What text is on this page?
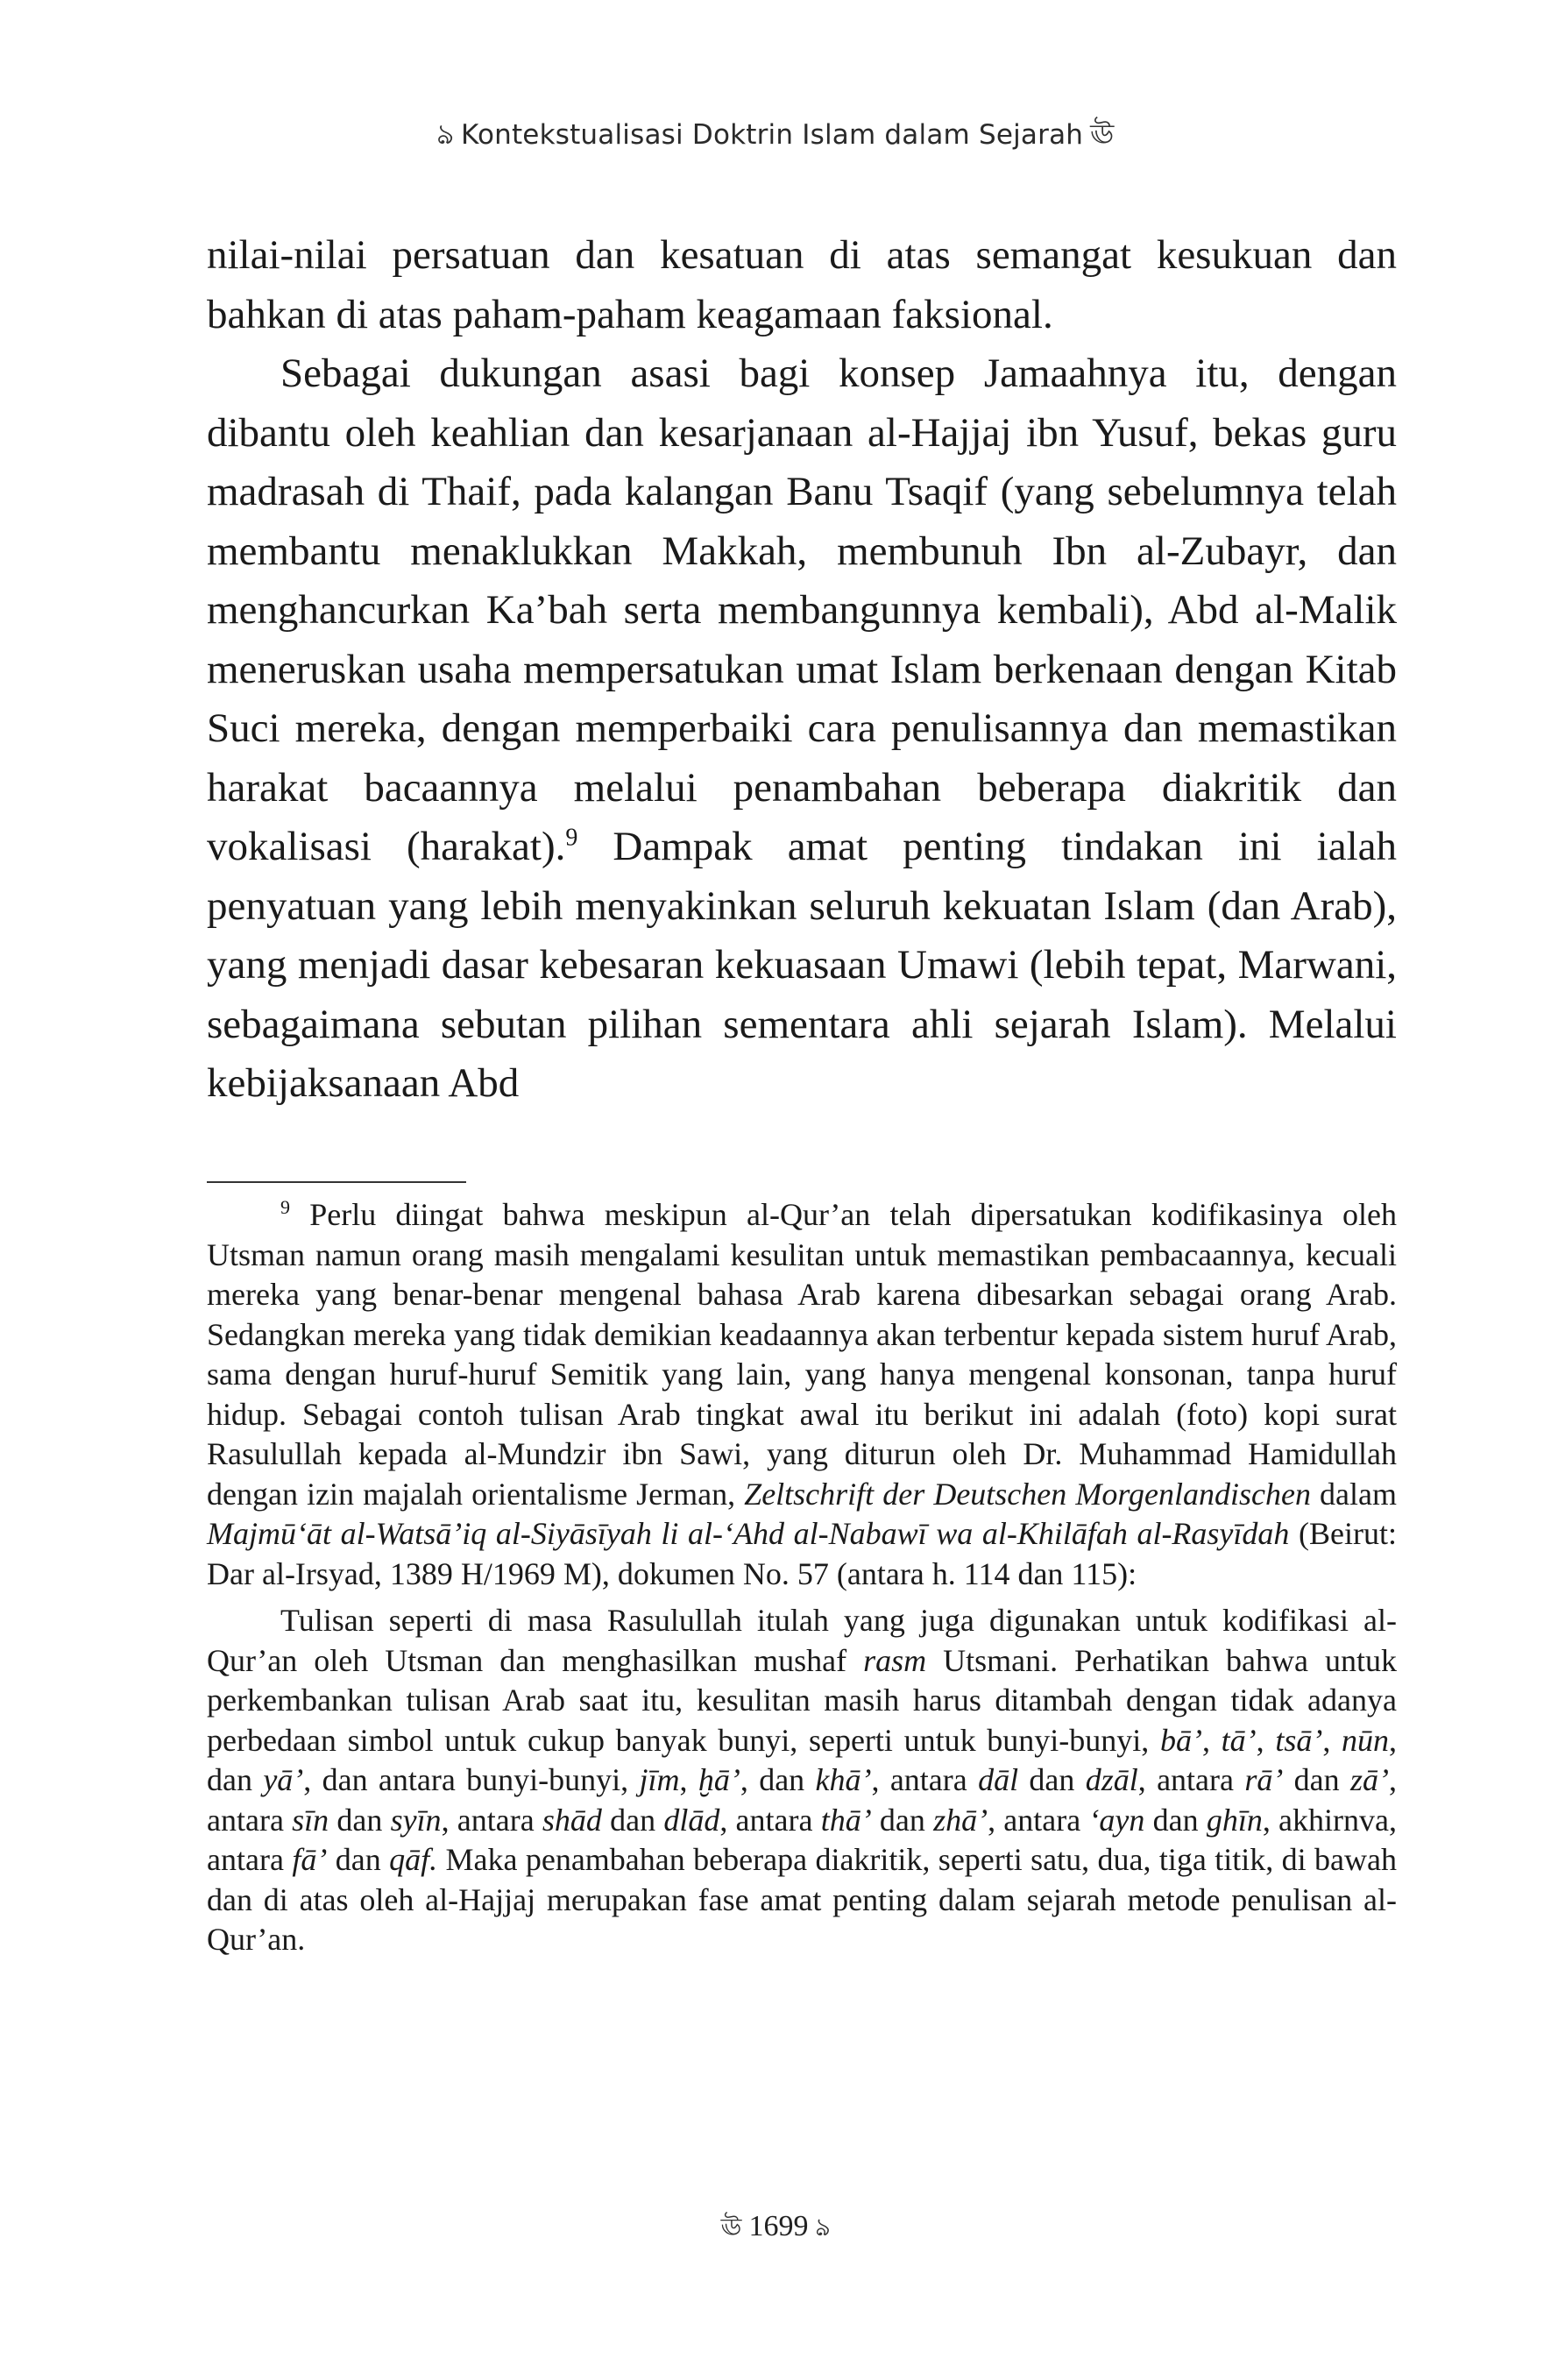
ঌ Kontekstualisasi Doktrin Islam dalam Sejarah ঊ

nilai-nilai persatuan dan kesatuan di atas semangat kesukuan dan bahkan di atas paham-paham keagamaan faksional.

Sebagai dukungan asasi bagi konsep Jamaahnya itu, dengan dibantu oleh keahlian dan kesarjanaan al-Hajjaj ibn Yusuf, bekas guru madrasah di Thaif, pada kalangan Banu Tsaqif (yang sebelumnya telah membantu menaklukkan Makkah, membunuh Ibn al-Zubayr, dan menghancurkan Ka’bah serta membangunnya kembali), Abd al-Malik meneruskan usaha mempersatukan umat Islam berkenaan dengan Kitab Suci mereka, dengan memperbaiki cara penulisannya dan memastikan harakat bacaannya melalui penambahan beberapa diakritik dan vokalisasi (harakat).$^9$ Dampak amat penting tindakan ini ialah penyatuan yang lebih menyakinkan seluruh kekuatan Islam (dan Arab), yang menjadi dasar kebesaran kekuasaan Umawi (lebih tepat, Marwani, sebagaimana sebutan pilihan sementara ahli sejarah Islam). Melalui kebijaksanaan Abd

$^9$ Perlu diingat bahwa meskipun al-Qur’an telah dipersatukan kodifikasinya oleh Utsman namun orang masih mengalami kesulitan untuk memastikan pembacaannya, kecuali mereka yang benar-benar mengenal bahasa Arab karena dibesarkan sebagai orang Arab. Sedangkan mereka yang tidak demikian keadaannya akan terbentur kepada sistem huruf Arab, sama dengan huruf-huruf Semitik yang lain, yang hanya mengenal konsonan, tanpa huruf hidup. Sebagai contoh tulisan Arab tingkat awal itu berikut ini adalah (foto) kopi surat Rasulullah kepada al-Mundzir ibn Sawi, yang diturun oleh Dr. Muhammad Hamidullah dengan izin majalah orientalisme Jerman, Zeltschrift der Deutschen Morgenlandischen dalam Majmū‘āt al-Watsā’iq al-Siyāsīyah li al-‘Ahd al-Nabawī wa al-Khilāfah al-Rasyīdah (Beirut: Dar al-Irsyad, 1389 H/1969 M), dokumen No. 57 (antara h. 114 dan 115):

Tulisan seperti di masa Rasulullah itulah yang juga digunakan untuk kodifikasi al-Qur’an oleh Utsman dan menghasilkan mushaf rasm Utsmani. Perhatikan bahwa untuk perkembankan tulisan Arab saat itu, kesulitan masih harus ditambah dengan tidak adanya perbedaan simbol untuk cukup banyak bunyi, seperti untuk bunyi-bunyi, bā’, tā’, tsā’, nūn, dan yā’, dan antara bunyi-bunyi, jīm, ḫā’, dan khā’, antara dāl dan dzāl, antara rā’ dan zā’, antara sīn dan syīn, antara shād dan dlād, antara thā’ dan zhā’, antara ‘ayn dan ghīn, akhirnva, antara fā’ dan qāf. Maka penambahan beberapa diakritik, seperti satu, dua, tiga titik, di bawah dan di atas oleh al-Hajjaj merupakan fase amat penting dalam sejarah metode penulisan al-Qur’an.

ঊ 1699 ঌ
